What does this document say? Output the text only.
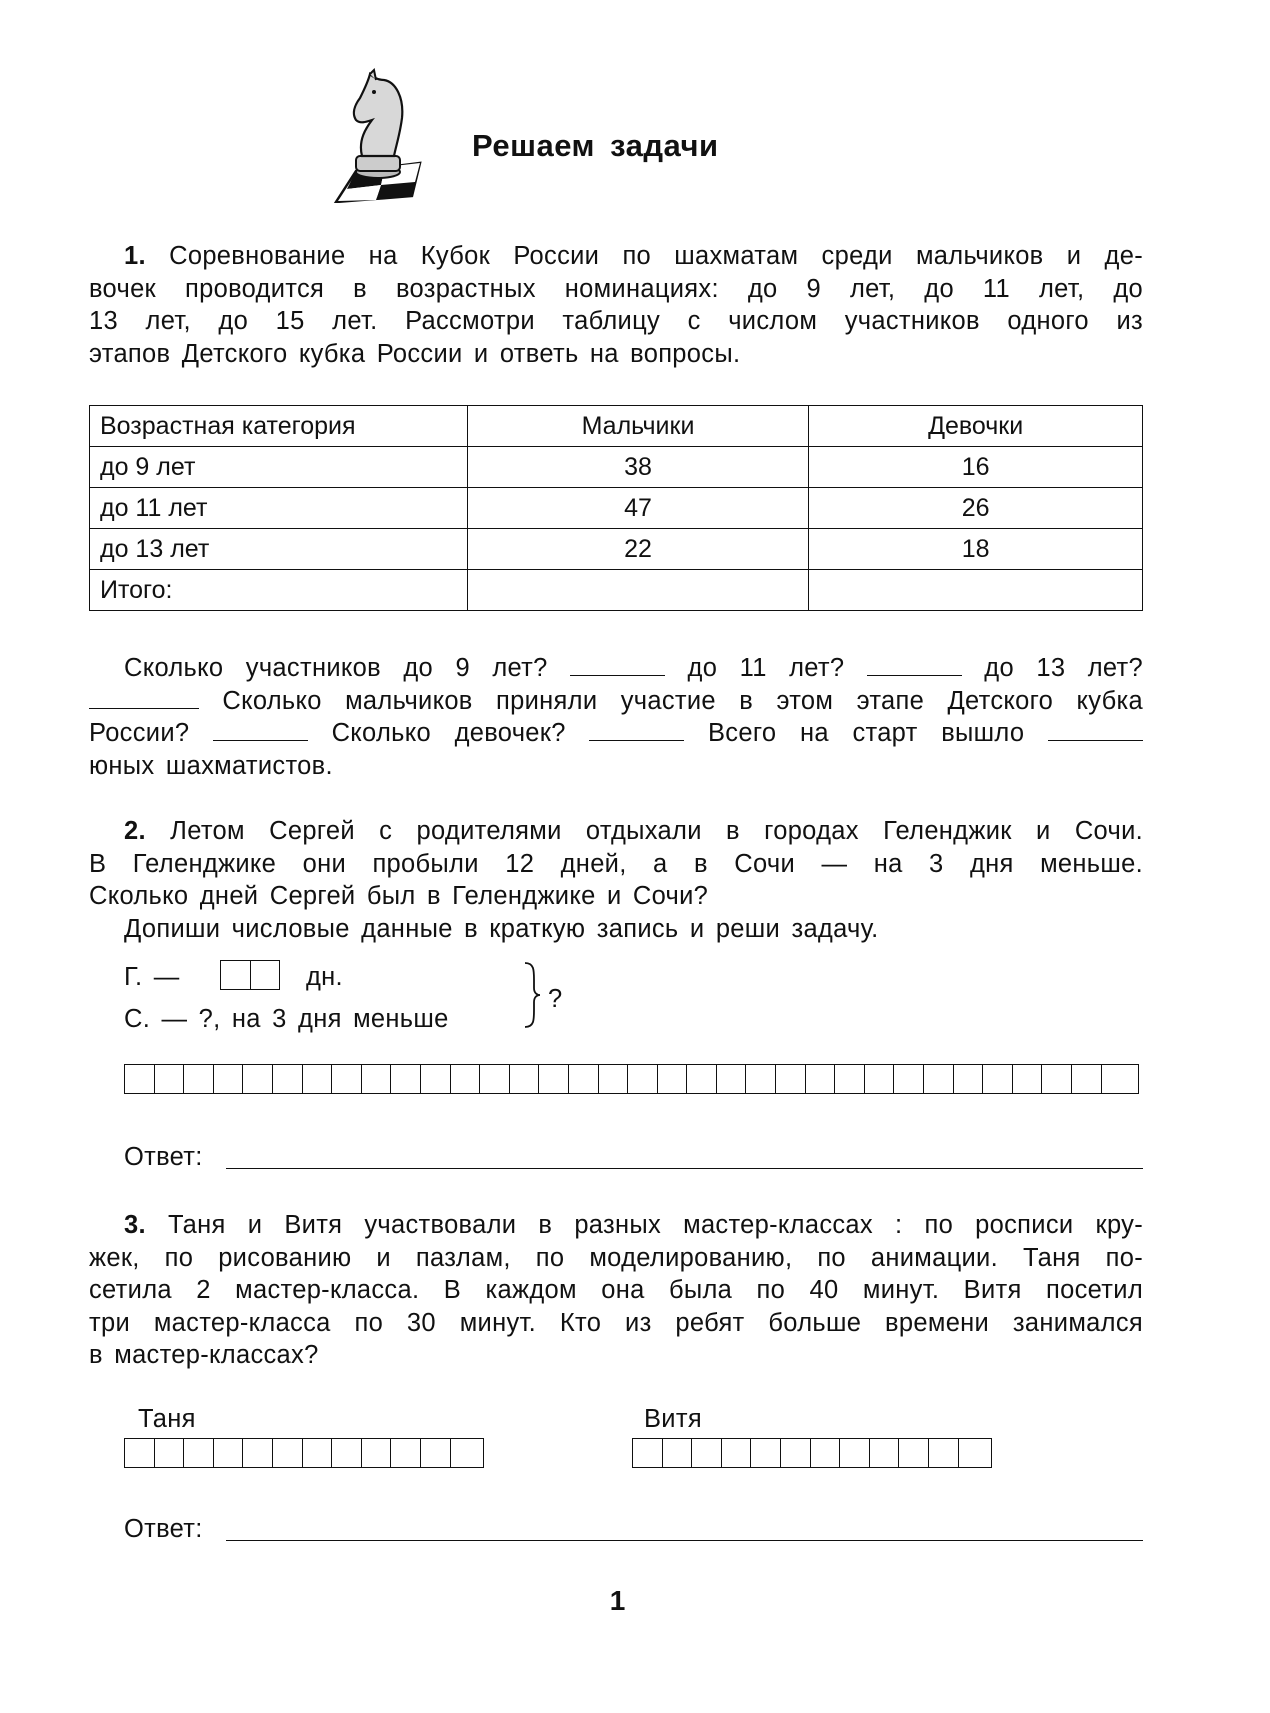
Решаем задачи
1. Соревнование на Кубок России по шахматам среди мальчиков и де-
вочек проводится в возрастных номинациях: до 9 лет, до 11 лет, до
13 лет, до 15 лет. Рассмотри таблицу с числом участников одного из
этапов Детского кубка России и ответь на вопросы.
Возрастная категория	Мальчики	Девочки
до 9 лет	38	16
до 11 лет	47	26
до 13 лет	22	18
Итого:		
Сколько участников до 9 лет?	до 11 лет?	до 13 лет?
Сколько мальчиков приняли участие в этом этапе Детского кубка
России?	Сколько девочек?	Всего на старт вышло
юных шахматистов.
2. Летом Сергей с родителями отдыхали в городах Геленджик и Сочи.
В Геленджике они пробыли 12 дней, а в Сочи — на 3 дня меньше.
Сколько дней Сергей был в Геленджике и Сочи?
Допиши числовые данные в краткую запись и реши задачу.
Г. —	дн.
С. — ?, на 3 дня меньше
?
Ответ:
3. Таня и Витя участвовали в разных мастер-классах : по росписи кру-
жек, по рисованию и пазлам, по моделированию, по анимации. Таня по-
сетила 2 мастер-класса. В каждом она была по 40 минут. Витя посетил
три мастер-класса по 30 минут. Кто из ребят больше времени занимался
в мастер-классах?
Таня	Витя
Ответ:
1
